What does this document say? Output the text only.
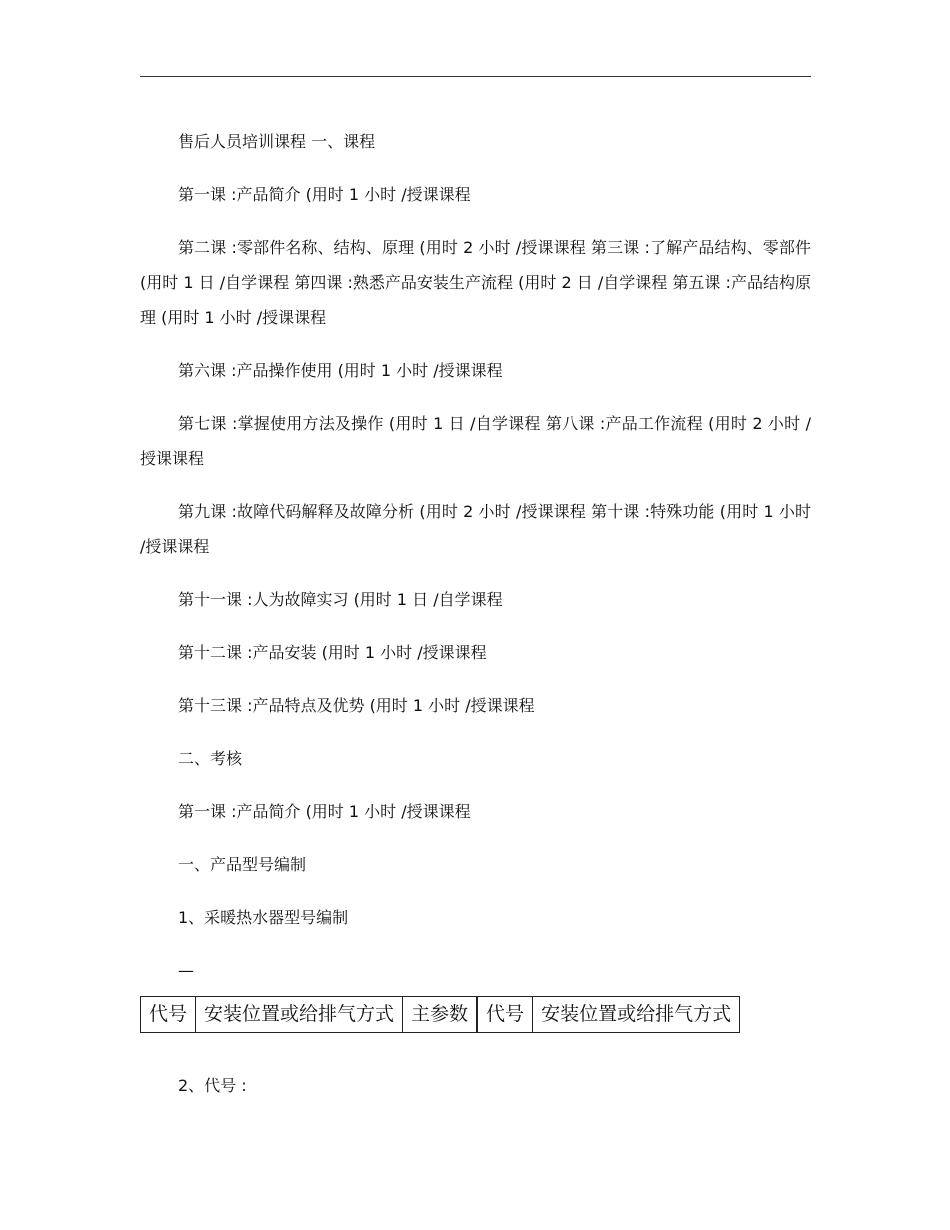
售后人员培训课程 一、课程

第一课 :产品简介 (用时 1 小时 /授课课程

第二课 :零部件名称、结构、原理 (用时 2 小时 /授课课程 第三课 :了解产品结构、零部件 (用时 1 日 /自学课程 第四课 :熟悉产品安装生产流程 (用时 2 日 /自学课程 第五课 :产品结构原理 (用时 1 小时 /授课课程

第六课 :产品操作使用 (用时 1 小时 /授课课程

第七课 :掌握使用方法及操作 (用时 1 日 /自学课程 第八课 :产品工作流程 (用时 2 小时 /授课课程

第九课 :故障代码解释及故障分析 (用时 2 小时 /授课课程 第十课 :特殊功能 (用时 1 小时 /授课课程

第十一课 :人为故障实习 (用时 1 日 /自学课程

第十二课 :产品安装 (用时 1 小时 /授课课程

第十三课 :产品特点及优势 (用时 1 小时 /授课课程

二、考核

第一课 :产品简介 (用时 1 小时 /授课课程

一、产品型号编制

1、采暖热水器型号编制

—

代号	安装位置或给排气方式	主参数		代号	安装位置或给排气方式

2、代号 :
